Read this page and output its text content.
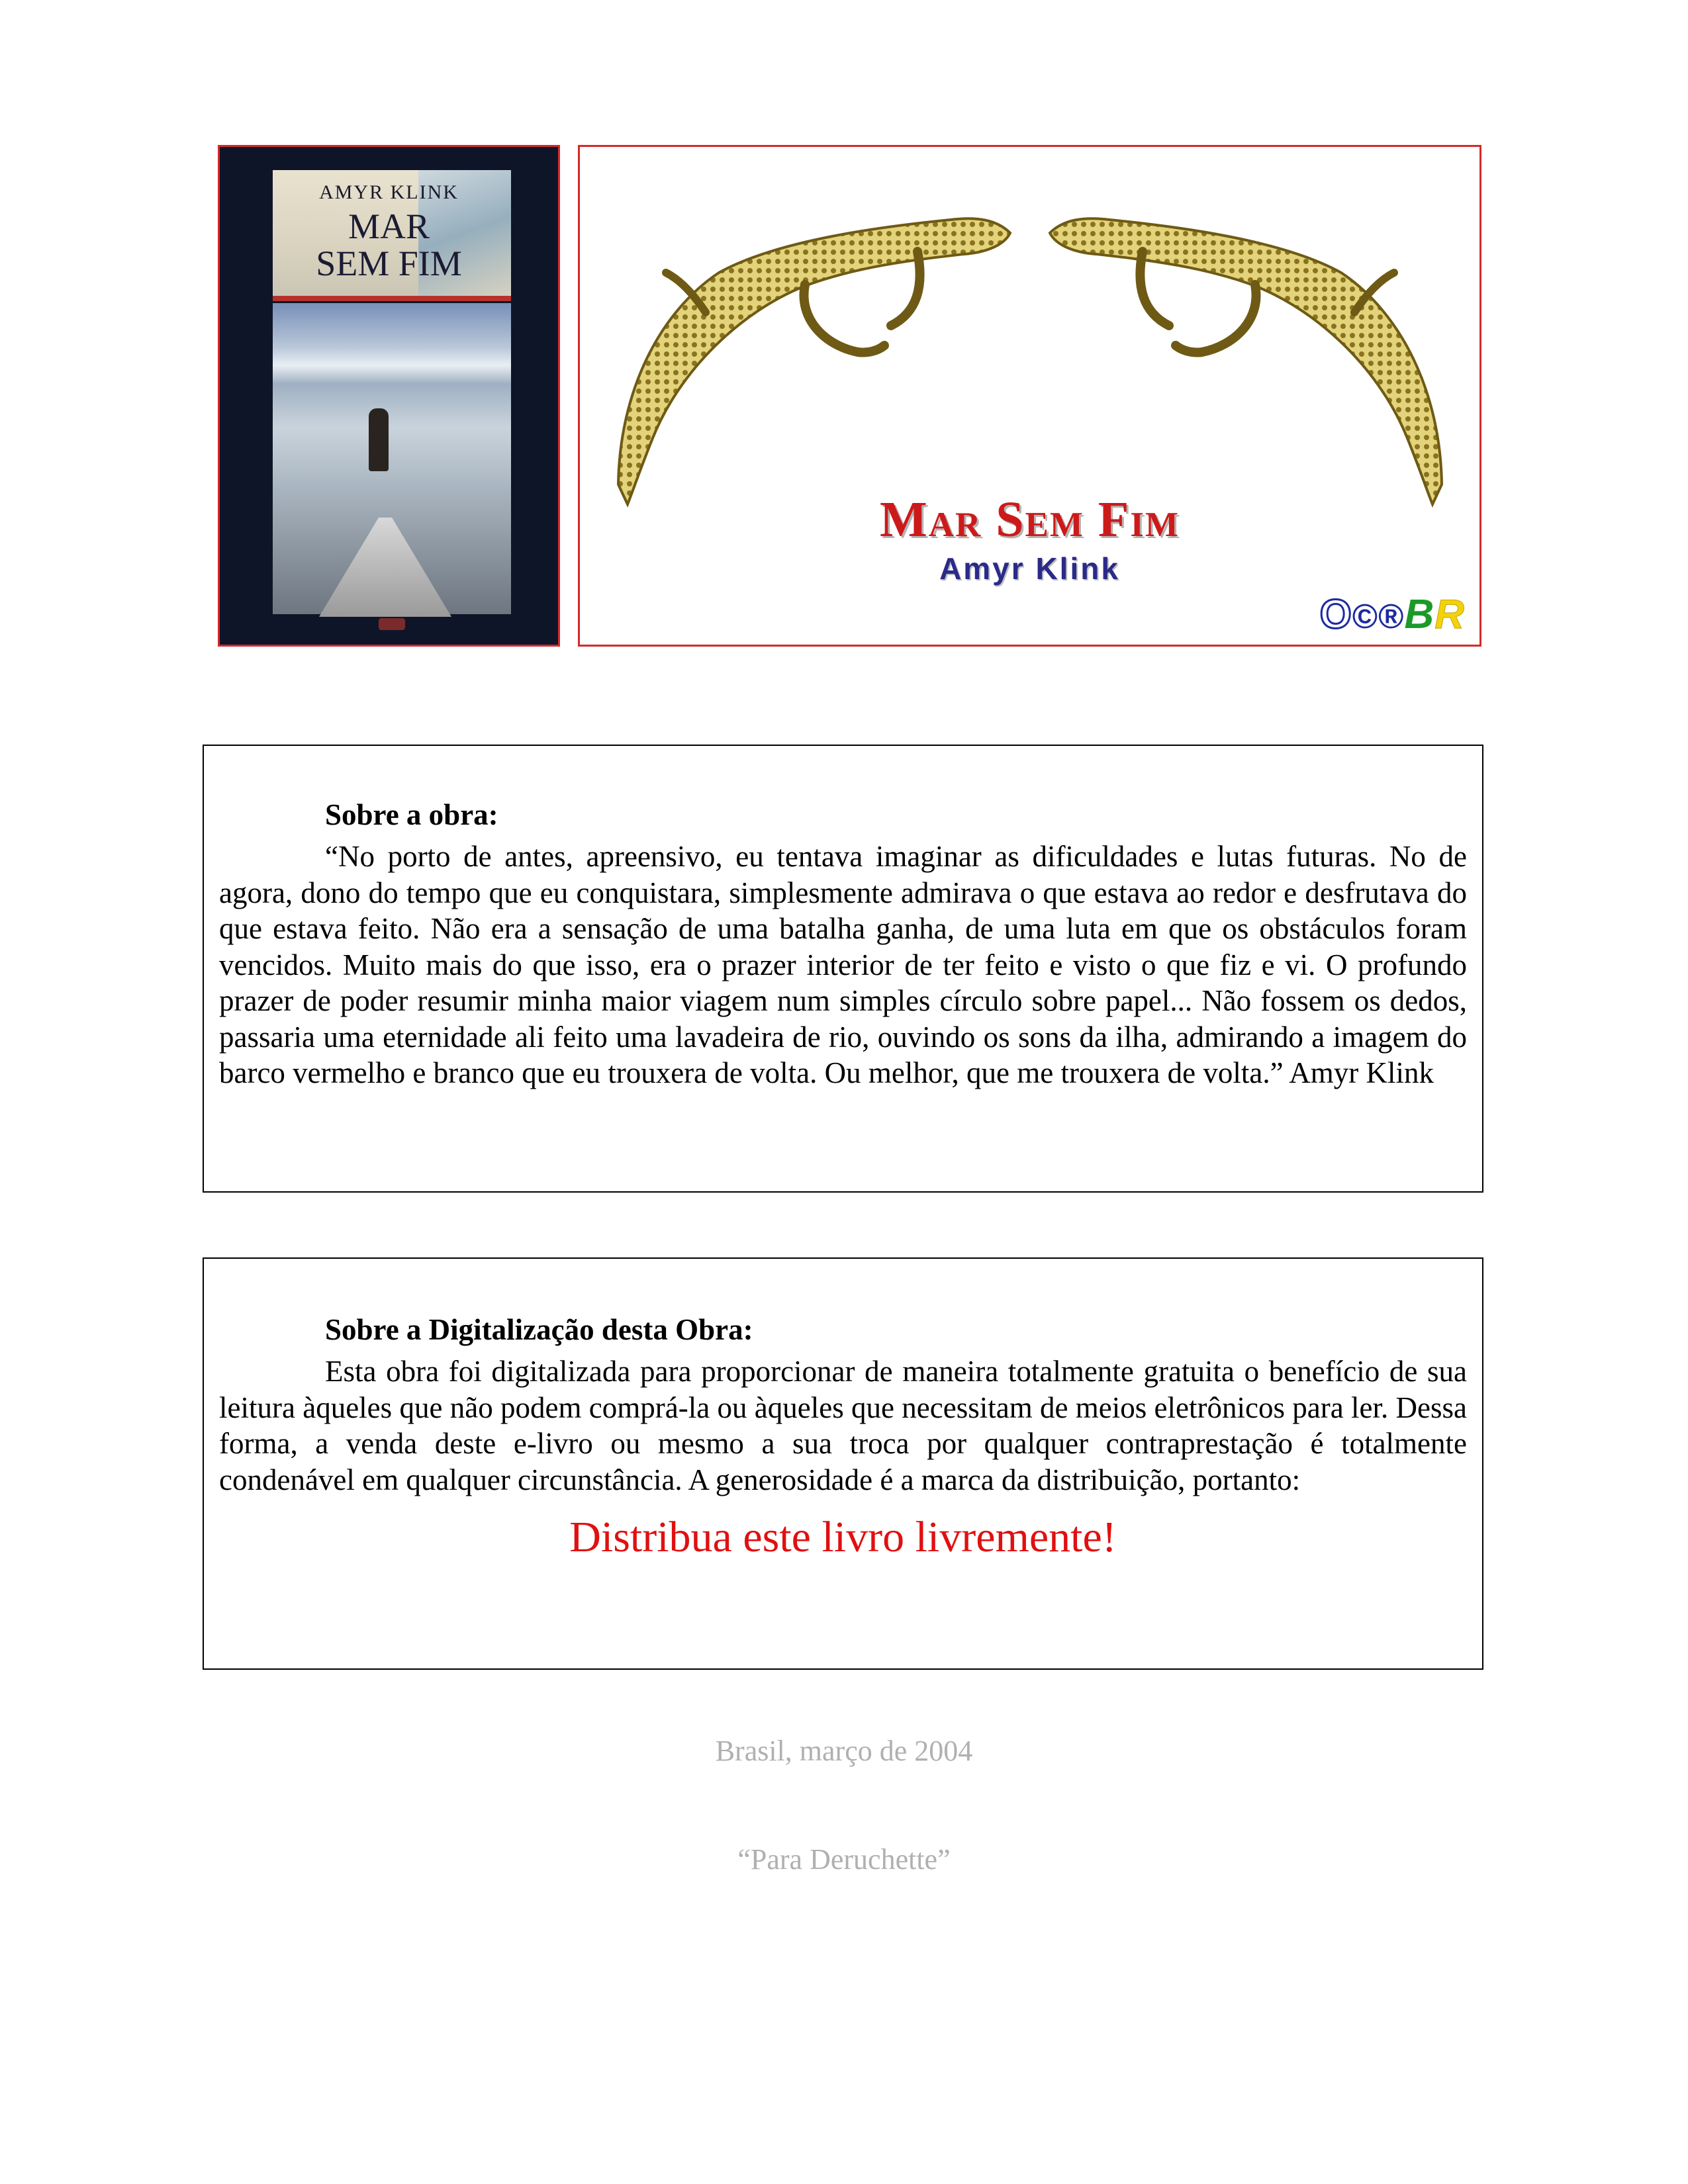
AMYR KLINK
MAR
SEM FIM
Mar Sem Fim
Amyr Klink
O©®BR
Sobre a obra:

“No porto de antes, apreensivo, eu tentava imaginar as dificuldades e lutas futuras. No de agora, dono do tempo que eu conquistara, simplesmente admirava o que estava ao redor e desfrutava do que estava feito. Não era a sensação de uma batalha ganha, de uma luta em que os obstáculos foram vencidos. Muito mais do que isso, era o prazer interior de ter feito e visto o que fiz e vi. O profundo prazer de poder resumir minha maior viagem num simples círculo sobre papel... Não fossem os dedos, passaria uma eternidade ali feito uma lavadeira de rio, ouvindo os sons da ilha, admirando a imagem do barco vermelho e branco que eu trouxera de volta. Ou melhor, que me trouxera de volta.” Amyr Klink

Sobre a Digitalização desta Obra:

Esta obra foi digitalizada para proporcionar de maneira totalmente gratuita o benefício de sua leitura àqueles que não podem comprá-la ou àqueles que necessitam de meios eletrônicos para ler. Dessa forma, a venda deste e-livro ou mesmo a sua troca por qualquer contraprestação é totalmente condenável em qualquer circunstância. A generosidade é a marca da distribuição, portanto:

Distribua este livro livremente!
Brasil, março de 2004
“Para Deruchette”
